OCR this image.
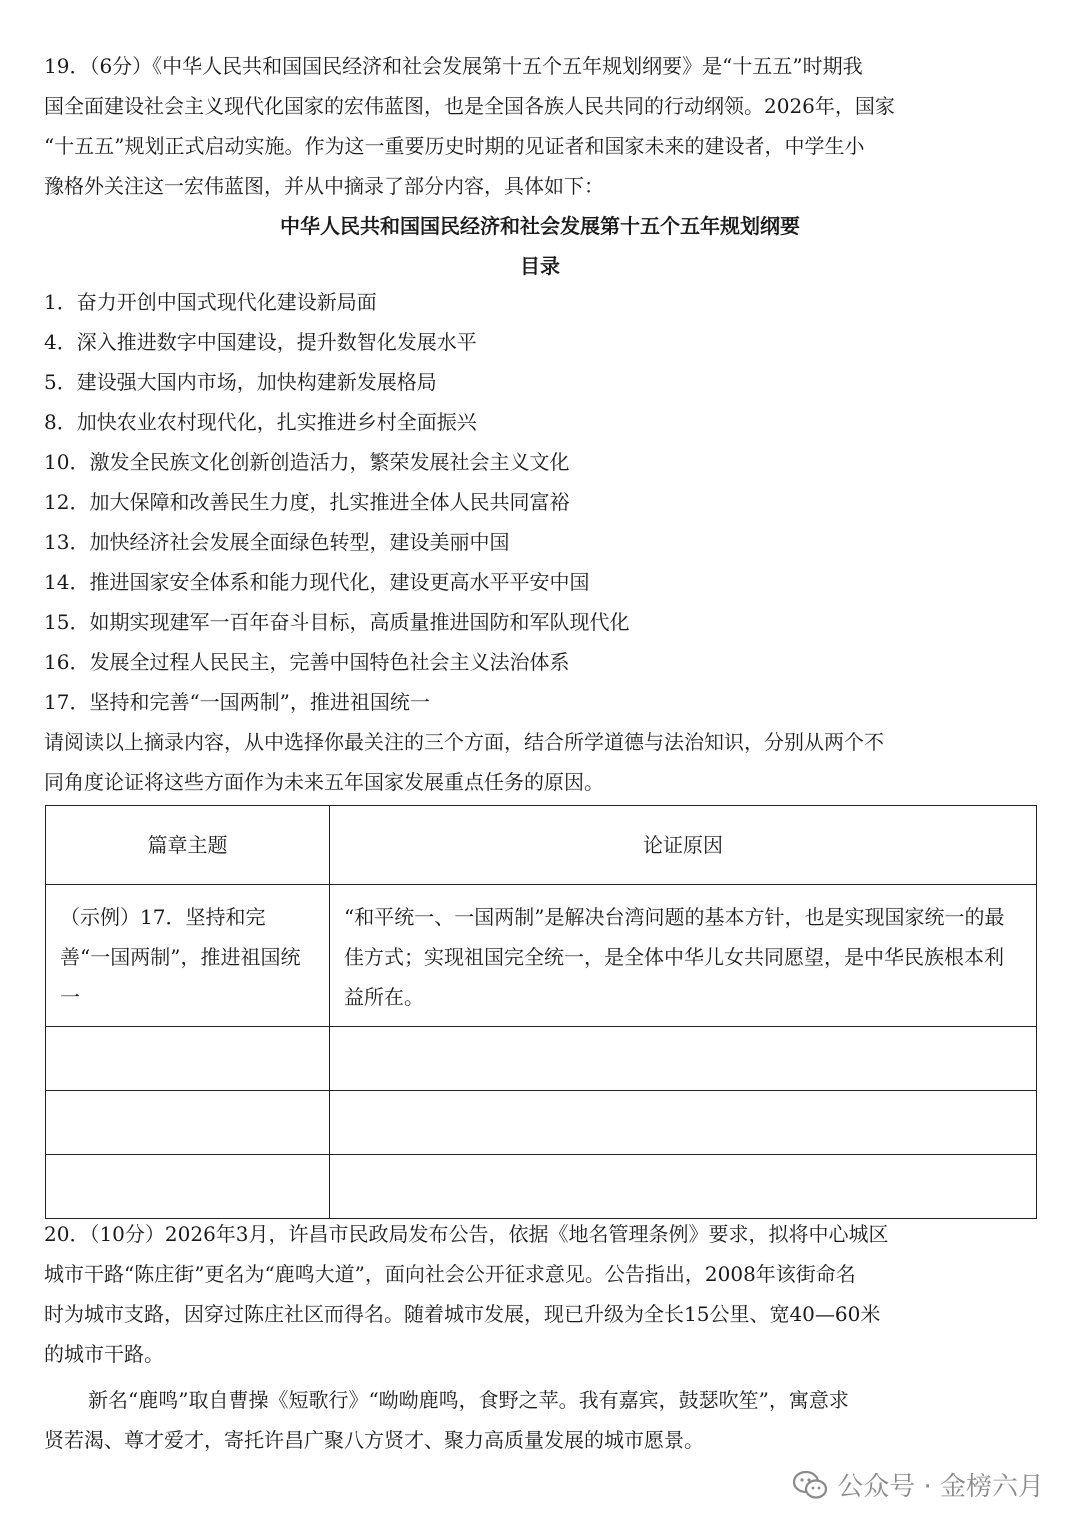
19．（6分）《中华人民共和国国民经济和社会发展第十五个五年规划纲要》是“十五五”时期我

国全面建设社会主义现代化国家的宏伟蓝图，也是全国各族人民共同的行动纲领。2026年，国家

“十五五”规划正式启动实施。作为这一重要历史时期的见证者和国家未来的建设者，中学生小

豫格外关注这一宏伟蓝图，并从中摘录了部分内容，具体如下：

中华人民共和国国民经济和社会发展第十五个五年规划纲要
目录
1．奋力开创中国式现代化建设新局面
4．深入推进数字中国建设，提升数智化发展水平
5．建设强大国内市场，加快构建新发展格局
8．加快农业农村现代化，扎实推进乡村全面振兴
10．激发全民族文化创新创造活力，繁荣发展社会主义文化
12．加大保障和改善民生力度，扎实推进全体人民共同富裕
13．加快经济社会发展全面绿色转型，建设美丽中国
14．推进国家安全体系和能力现代化，建设更高水平平安中国
15．如期实现建军一百年奋斗目标，高质量推进国防和军队现代化
16．发展全过程人民民主，完善中国特色社会主义法治体系
17．坚持和完善“一国两制”，推进祖国统一

请阅读以上摘录内容，从中选择你最关注的三个方面，结合所学道德与法治知识，分别从两个不

同角度论证将这些方面作为未来五年国家发展重点任务的原因。

篇章主题	论证原因

（示例）17．坚持和完善“一国两制”，推进祖国统一	“和平统一、一国两制”是解决台湾问题的基本方针，也是实现国家统一的最佳方式；实现祖国完全统一，是全体中华儿女共同愿望，是中华民族根本利益所在。

20．（10分）2026年3月，许昌市民政局发布公告，依据《地名管理条例》要求，拟将中心城区

城市干路“陈庄街”更名为“鹿鸣大道”，面向社会公开征求意见。公告指出，2008年该街命名

时为城市支路，因穿过陈庄社区而得名。随着城市发展，现已升级为全长15公里、宽40—60米

的城市干路。

新名“鹿鸣”取自曹操《短歌行》“呦呦鹿鸣，食野之苹。我有嘉宾，鼓瑟吹笙”，寓意求

贤若渴、尊才爱才，寄托许昌广聚八方贤才、聚力高质量发展的城市愿景。

公众号 · 金榜六月
